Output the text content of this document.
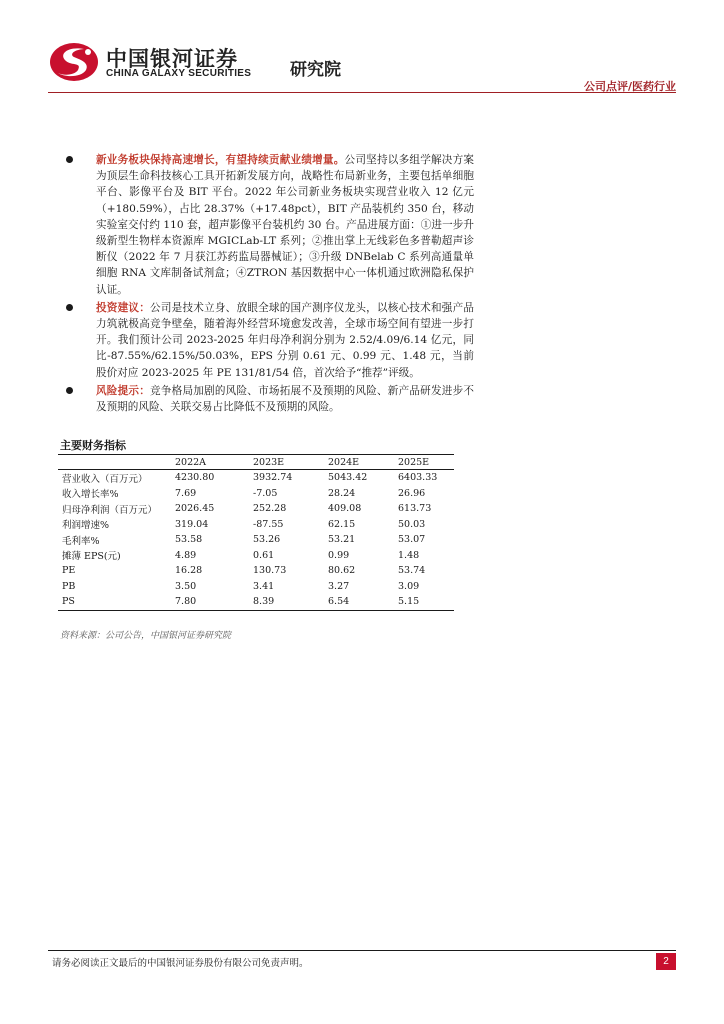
中国银河证券
CHINA GALAXY SECURITIES 研究院
公司点评/医药行业
新业务板块保持高速增长，有望持续贡献业绩增量。公司坚持以多组学解决方案为顶层生命科技核心工具开拓新发展方向，战略性布局新业务，主要包括单细胞平台、影像平台及 BIT 平台。2022 年公司新业务板块实现营业收入 12 亿元（+180.59%），占比 28.37%（+17.48pct），BIT 产品装机约 350 台，移动实验室交付约 110 套，超声影像平台装机约 30 台。产品进展方面：①进一步升级新型生物样本资源库 MGICLab-LT 系列；②推出掌上无线彩色多普勒超声诊断仪（2022 年 7 月获江苏药监局器械证）；③升级 DNBelab C 系列高通量单细胞 RNA 文库制备试剂盒；④ZTRON 基因数据中心一体机通过欧洲隐私保护认证。
投资建议：公司是技术立身、放眼全球的国产测序仪龙头，以核心技术和强产品力筑就极高竞争壁垒，随着海外经营环境愈发改善，全球市场空间有望进一步打开。我们预计公司 2023-2025 年归母净利润分别为 2.52/4.09/6.14 亿元，同比-87.55%/62.15%/50.03%，EPS 分别 0.61 元、0.99 元、1.48 元，当前股价对应 2023-2025 年 PE 131/81/54 倍，首次给予“推荐”评级。
风险提示：竞争格局加剧的风险、市场拓展不及预期的风险、新产品研发进步不及预期的风险、关联交易占比降低不及预期的风险。
主要财务指标
	2022A	2023E	2024E	2025E
营业收入（百万元）	4230.80	3932.74	5043.42	6403.33
收入增长率%	7.69	-7.05	28.24	26.96
归母净利润（百万元）	2026.45	252.28	409.08	613.73
利润增速%	319.04	-87.55	62.15	50.03
毛利率%	53.58	53.26	53.21	53.07
摊薄 EPS(元)	4.89	0.61	0.99	1.48
PE	16.28	130.73	80.62	53.74
PB	3.50	3.41	3.27	3.09
PS	7.80	8.39	6.54	5.15
资料来源：公司公告，中国银河证券研究院
请务必阅读正文最后的中国银河证券股份有限公司免责声明。	2
